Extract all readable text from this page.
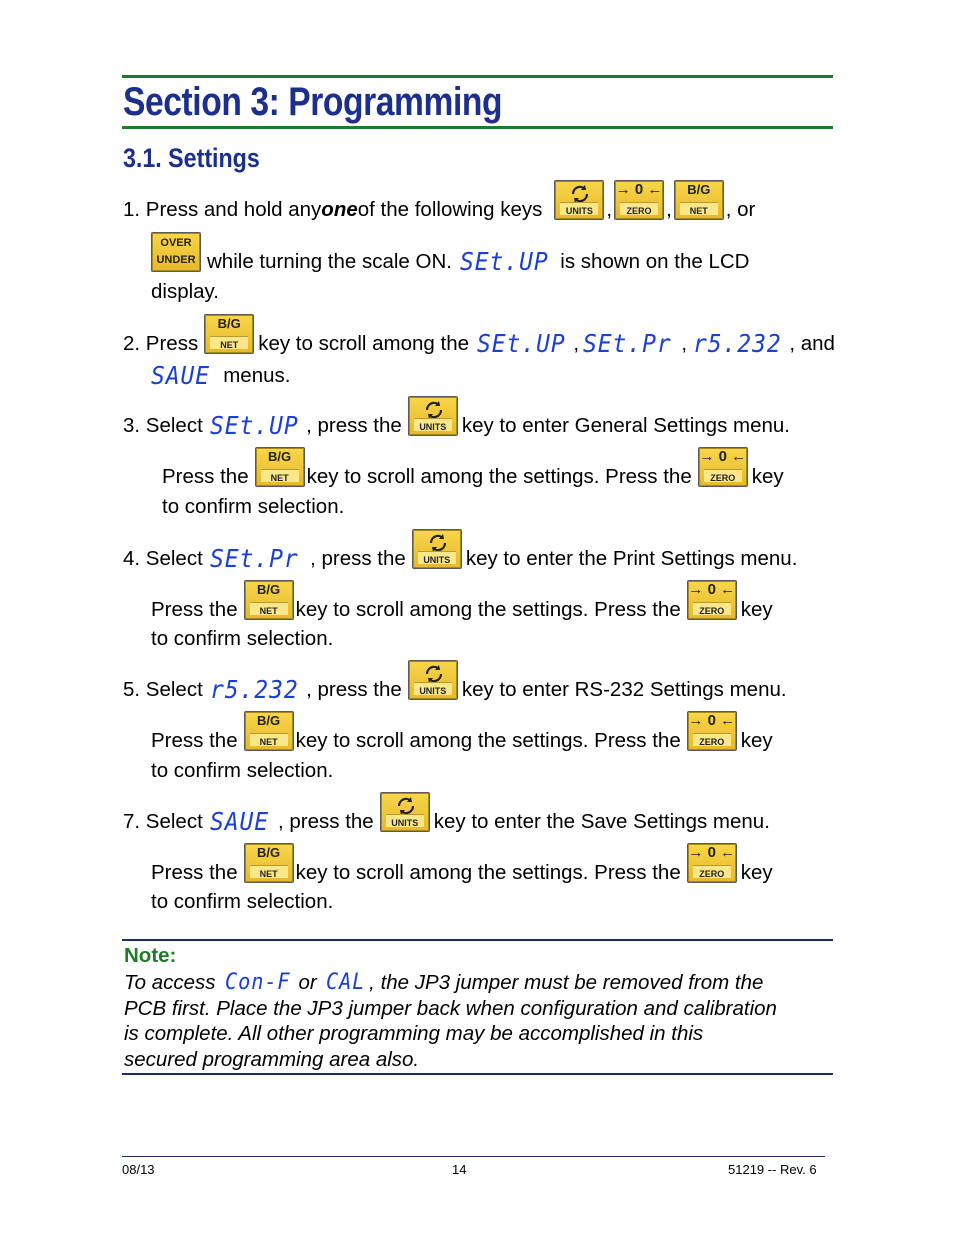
Section 3: Programming
3.1. Settings
1. Press and hold any one of the following keys	UNITS ,
→ 0 ←
ZERO ,
B/G
NET , or
OVER
UNDER while turning the scale ON. SEt.UP is shown on the LCD
display.
2. Press
B/G
NET key to scroll among the SEt.UP , SEt.Pr , r5.232 , and
SAUE menus.
3. Select SEt.UP , press the	UNITS key to enter General Settings menu.
Press the
B/G
NET key to scroll among the settings. Press the
→ 0 ←
ZERO key
to confirm selection.
4. Select SEt.Pr , press the	UNITS key to enter the Print Settings menu.
Press the
B/G
NET key to scroll among the settings. Press the
→ 0 ←
ZERO key
to confirm selection.
5. Select r5.232 , press the	UNITS key to enter RS-232 Settings menu.
Press the
B/G
NET key to scroll among the settings. Press the
→ 0 ←
ZERO key
to confirm selection.
7. Select SAUE , press the	UNITS key to enter the Save Settings menu.
Press the
B/G
NET key to scroll among the settings. Press the
→ 0 ←
ZERO key
to confirm selection.
Note:
To access Con-F or CAL , the JP3 jumper must be removed from the
PCB first. Place the JP3 jumper back when configuration and calibration
is complete. All other programming may be accomplished in this
secured programming area also.
08/13	14	51219 -- Rev. 6
